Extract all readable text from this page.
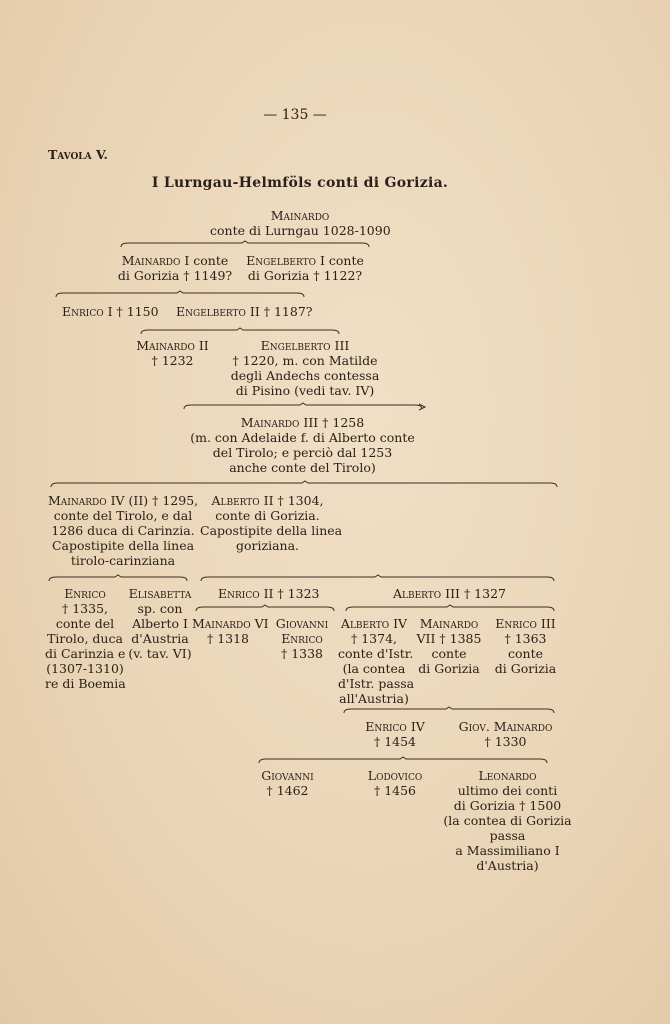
— 135 —
Tavola V.
I Lurngau-Helmföls conti di Gorizia.
Mainardo
conte di Lurngau 1028-1090
Mainardo I conte
di Gorizia † 1149?
Engelberto I conte
di Gorizia † 1122?
Enrico I † 1150 Engelberto II † 1187?
Mainardo II
† 1232
Engelberto III
† 1220, m. con Matilde
degli Andechs contessa
di Pisino (vedi tav. IV)
Mainardo III † 1258
(m. con Adelaide f. di Alberto conte
del Tirolo; e perciò dal 1253
anche conte del Tirolo)
Mainardo IV (II) † 1295,
conte del Tirolo, e dal
1286 duca di Carinzia.
Capostipite della linea
tirolo-carinziana
Alberto II † 1304,
conte di Gorizia.
Capostipite della linea
goriziana.
Enrico
† 1335,
conte del
Tirolo, duca
di Carinzia e
(1307-1310)
re di Boemia
Elisabetta
sp. con
Alberto I
d'Austria
(v. tav. VI)
Enrico II † 1323	Alberto III † 1327
Mainardo VI
† 1318
Giovanni
Enrico
† 1338
Alberto IV
† 1374,
conte d'Istr.
(la contea
d'Istr. passa
all'Austria)
Mainardo
VII † 1385
conte
di Gorizia
Enrico III
† 1363
conte
di Gorizia
Enrico IV
† 1454
Giov. Mainardo
† 1330
Giovanni
† 1462
Lodovico
† 1456
Leonardo
ultimo dei conti
di Gorizia † 1500
(la contea di Gorizia
passa
a Massimiliano I
d'Austria)
